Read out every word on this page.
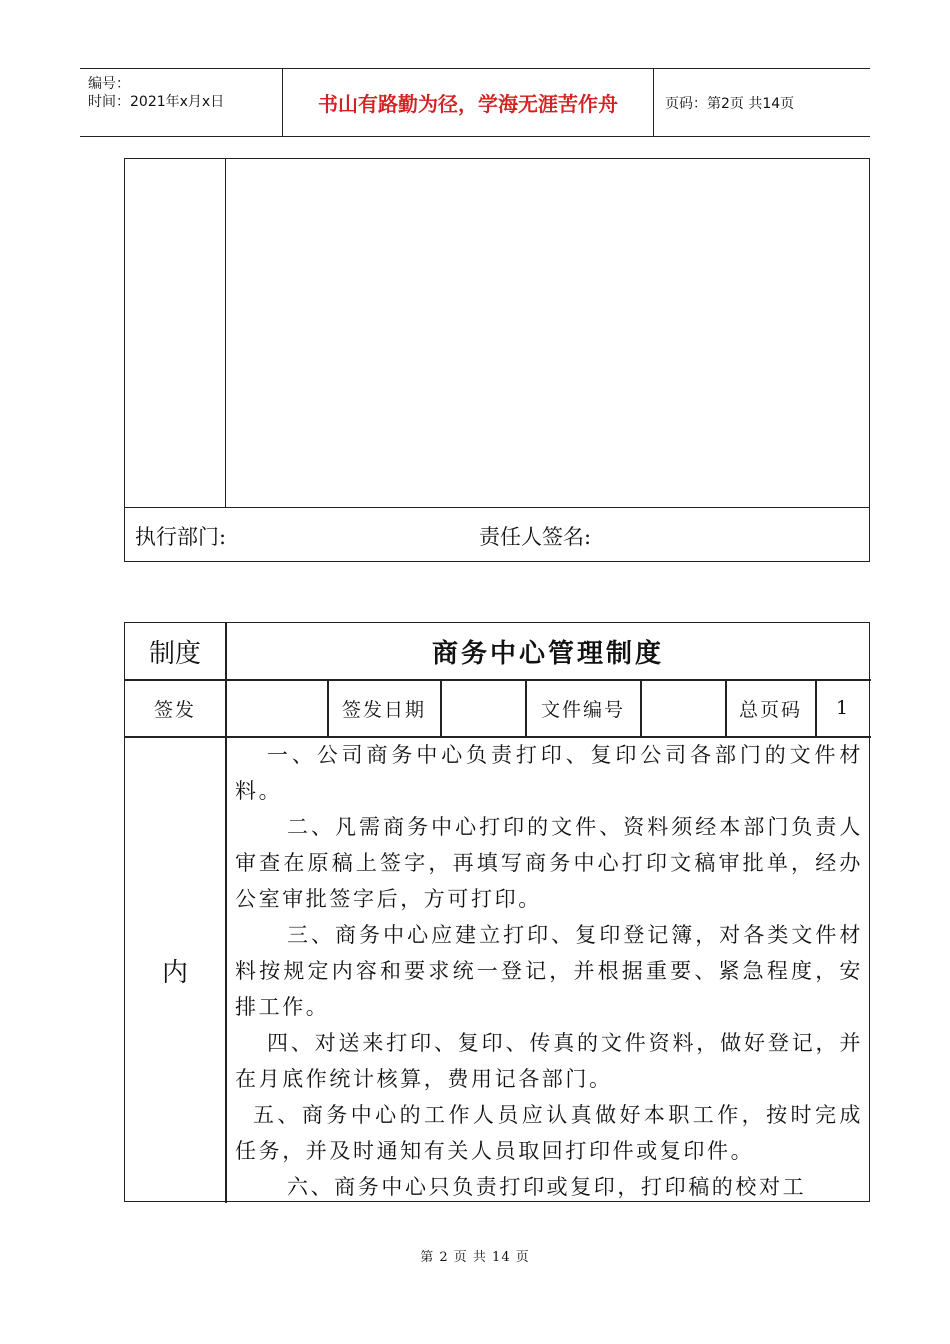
编号：
时间：2021年x月x日	书山有路勤为径，学海无涯苦作舟	页码：第2页 共14页
执行部门:	责任人签名:
制度	商务中心管理制度
签发	签发日期	文件编号	总页码	1
内

一、公司商务中心负责打印、复印公司各部门的文件材料。

二、凡需商务中心打印的文件、资料须经本部门负责人审查在原稿上签字，再填写商务中心打印文稿审批单，经办公室审批签字后，方可打印。

三、商务中心应建立打印、复印登记簿，对各类文件材料按规定内容和要求统一登记，并根据重要、紧急程度，安排工作。

四、对送来打印、复印、传真的文件资料，做好登记，并在月底作统计核算，费用记各部门。

五、商务中心的工作人员应认真做好本职工作，按时完成任务，并及时通知有关人员取回打印件或复印件。

六、商务中心只负责打印或复印，打印稿的校对工

第 2 页 共 14 页
